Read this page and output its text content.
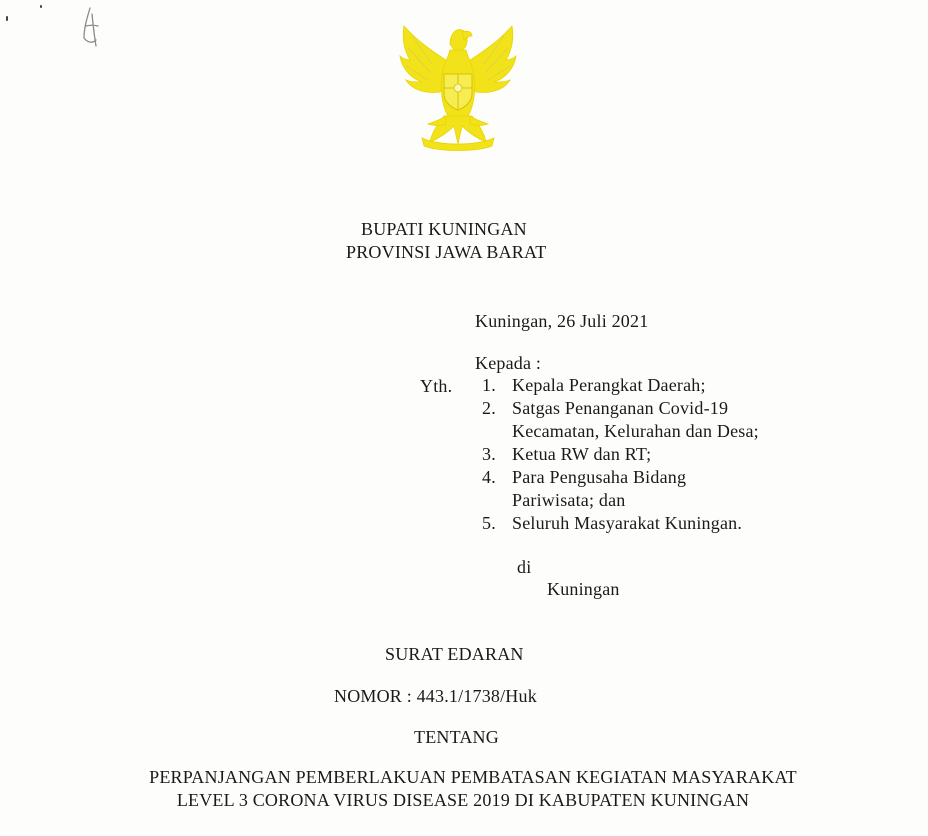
BUPATI KUNINGAN
PROVINSI JAWA BARAT
Kuningan, 26 Juli 2021
Kepada :
Yth. 1. Kepala Perangkat Daerah;
2. Satgas Penanganan Covid-19
Kecamatan, Kelurahan dan Desa;
3. Ketua RW dan RT;
4. Para Pengusaha Bidang
Pariwisata; dan
5. Seluruh Masyarakat Kuningan.
di
Kuningan
SURAT EDARAN
NOMOR : 443.1/1738/Huk
TENTANG
PERPANJANGAN PEMBERLAKUAN PEMBATASAN KEGIATAN MASYARAKAT
LEVEL 3 CORONA VIRUS DISEASE 2019 DI KABUPATEN KUNINGAN
